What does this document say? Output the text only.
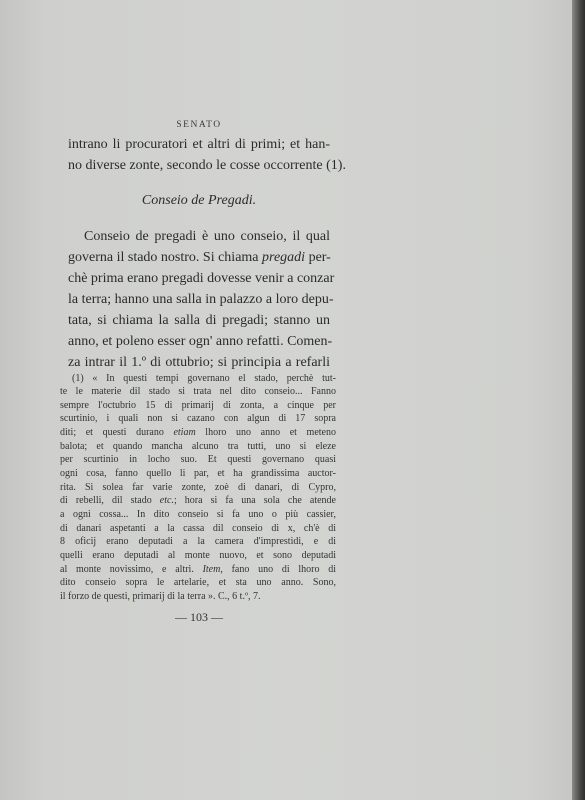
SENATO
intrano li procuratori et altri di primi; et han-
no diverse zonte, secondo le cosse occorrente (1).
Conseio de Pregadi.
Conseio de pregadi è uno conseio, il qual
governa il stado nostro. Si chiama pregadi per-
chè prima erano pregadi dovesse venir a conzar
la terra; hanno una salla in palazzo a loro depu-
tata, si chiama la salla di pregadi; stanno un
anno, et poleno esser ogn' anno refatti. Comen-
za intrar il 1.º di ottubrio; si principia a refarli
(1) « In questi tempi governano el stado, perchè tut-
te le materie dil stado si trata nel dito conseio... Fanno
sempre l'octubrio 15 di primarij di zonta, a cinque per
scurtinio, i quali non si cazano con algun di 17 sopra
diti; et questi durano etiam lhoro uno anno et meteno
balota; et quando mancha alcuno tra tutti, uno si eleze
per scurtinio in locho suo. Et questi governano quasi
ogni cosa, fanno quello li par, et ha grandissima auctor-
rita. Si solea far varie zonte, zoè di danari, di Cypro,
di rebelli, dil stado etc.; hora si fa una sola che atende
a ogni cossa... In dito conseio si fa uno o più cassier,
di danari aspetanti a la cassa dil conseio di x, ch'è di
8 oficij erano deputadi a la camera d'imprestidi, e di
quelli erano deputadi al monte nuovo, et sono deputadi
al monte novissimo, e altri. Item, fano uno di lhoro di
dito conseio sopra le artelarie, et sta uno anno. Sono,
il forzo de questi, primarij di la terra ». C., 6 t.º, 7.
— 103 —
